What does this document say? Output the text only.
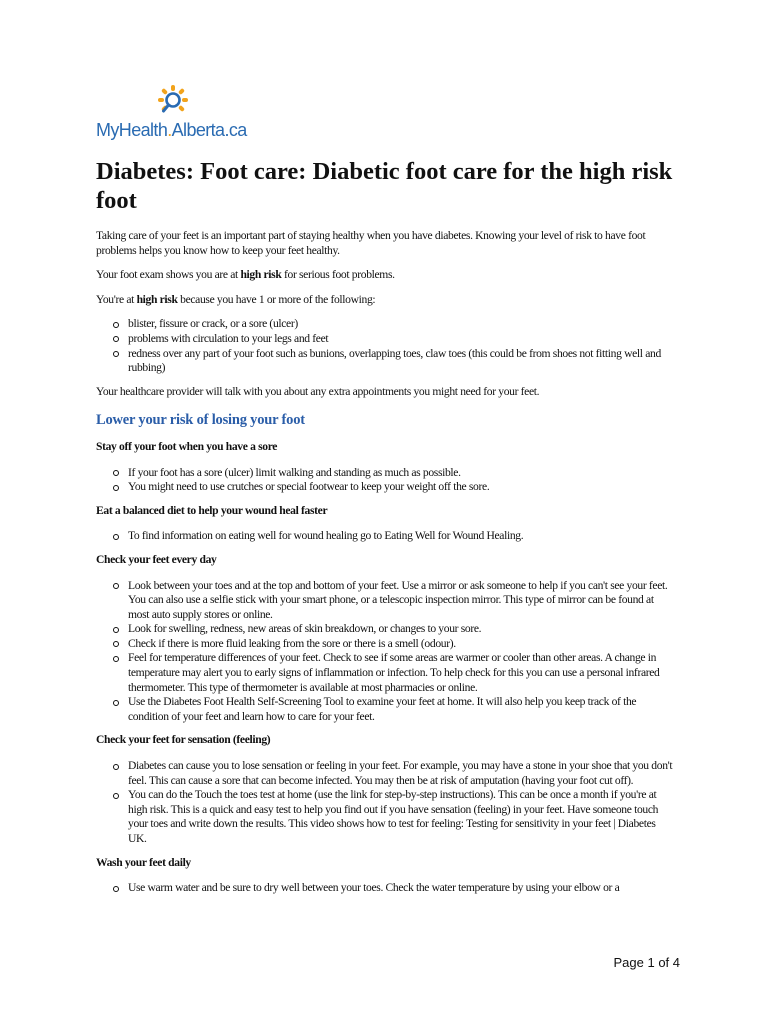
MyHealth.Alberta.ca
Diabetes: Foot care: Diabetic foot care for the high risk foot

Taking care of your feet is an important part of staying healthy when you have diabetes. Knowing your level of risk to have foot problems helps you know how to keep your feet healthy.

Your foot exam shows you are at high risk for serious foot problems.

You're at high risk because you have 1 or more of the following:

blister, fissure or crack, or a sore (ulcer)
problems with circulation to your legs and feet
redness over any part of your foot such as bunions, overlapping toes, claw toes (this could be from shoes not fitting well and rubbing)

Your healthcare provider will talk with you about any extra appointments you might need for your feet.

Lower your risk of losing your foot
Stay off your foot when you have a sore
If your foot has a sore (ulcer) limit walking and standing as much as possible.
You might need to use crutches or special footwear to keep your weight off the sore.
Eat a balanced diet to help your wound heal faster
To find information on eating well for wound healing go to Eating Well for Wound Healing.
Check your feet every day
Look between your toes and at the top and bottom of your feet. Use a mirror or ask someone to help if you can't see your feet. You can also use a selfie stick with your smart phone, or a telescopic inspection mirror. This type of mirror can be found at most auto supply stores or online.
Look for swelling, redness, new areas of skin breakdown, or changes to your sore.
Check if there is more fluid leaking from the sore or there is a smell (odour).
Feel for temperature differences of your feet. Check to see if some areas are warmer or cooler than other areas. A change in temperature may alert you to early signs of inflammation or infection. To help check for this you can use a personal infrared thermometer. This type of thermometer is available at most pharmacies or online.
Use the Diabetes Foot Health Self-Screening Tool to examine your feet at home. It will also help you keep track of the condition of your feet and learn how to care for your feet.
Check your feet for sensation (feeling)
Diabetes can cause you to lose sensation or feeling in your feet. For example, you may have a stone in your shoe that you don't feel. This can cause a sore that can become infected. You may then be at risk of amputation (having your foot cut off).
You can do the Touch the toes test at home (use the link for step-by-step instructions). This can be once a month if you're at high risk. This is a quick and easy test to help you find out if you have sensation (feeling) in your feet. Have someone touch your toes and write down the results. This video shows how to test for feeling: Testing for sensitivity in your feet | Diabetes UK.
Wash your feet daily
Use warm water and be sure to dry well between your toes. Check the water temperature by using your elbow or a
Page 1 of 4
